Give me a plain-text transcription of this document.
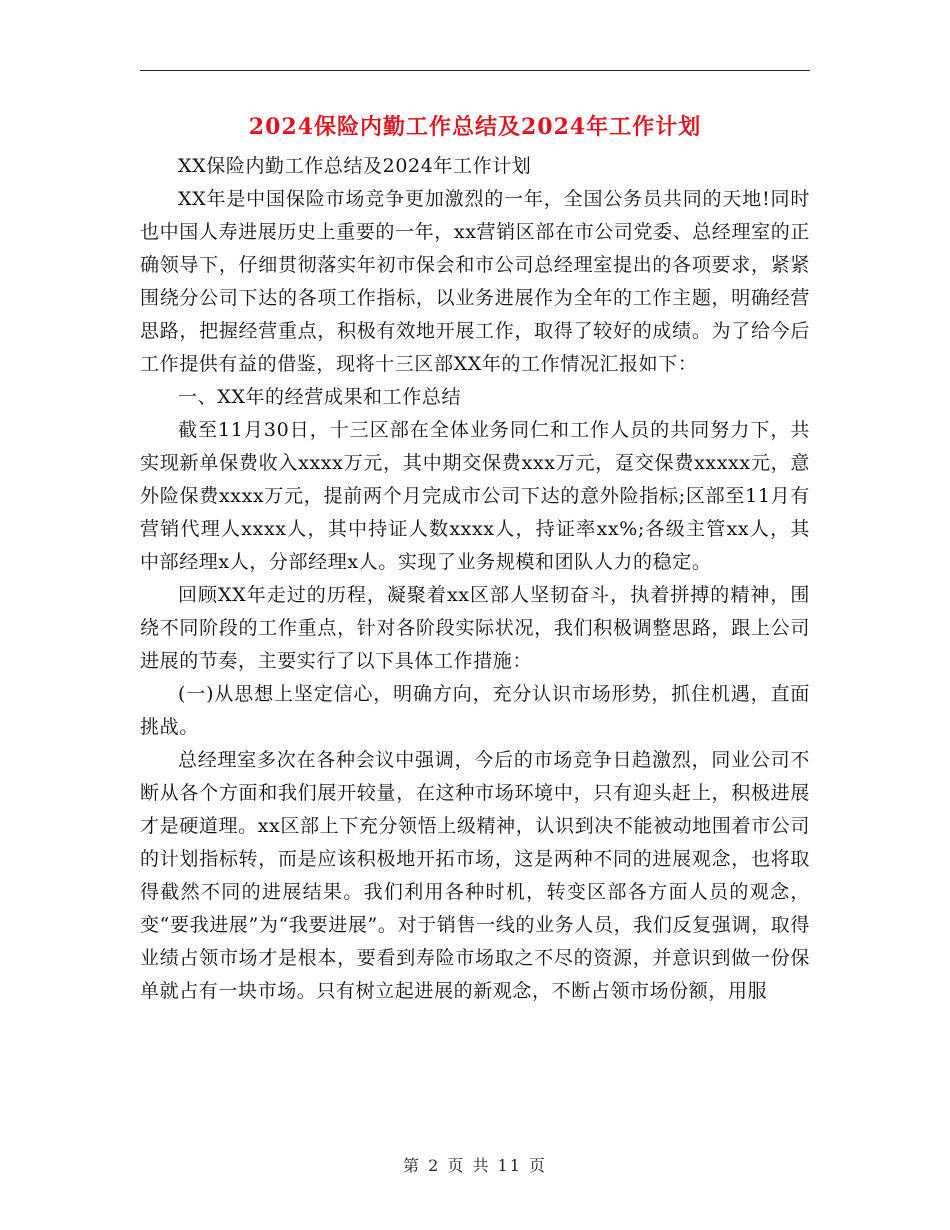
2024保险内勤工作总结及2024年工作计划

XX保险内勤工作总结及2024年工作计划

XX年是中国保险市场竞争更加激烈的一年，全国公务员共同的天地!同时也中国人寿进展历史上重要的一年，xx营销区部在市公司党委、总经理室的正确领导下，仔细贯彻落实年初市保会和市公司总经理室提出的各项要求，紧紧围绕分公司下达的各项工作指标，以业务进展作为全年的工作主题，明确经营思路，把握经营重点，积极有效地开展工作，取得了较好的成绩。为了给今后工作提供有益的借鉴，现将十三区部XX年的工作情况汇报如下：

一、XX年的经营成果和工作总结

截至11月30日，十三区部在全体业务同仁和工作人员的共同努力下，共实现新单保费收入xxxx万元，其中期交保费xxx万元，趸交保费xxxxx元，意外险保费xxxx万元，提前两个月完成市公司下达的意外险指标;区部至11月有营销代理人xxxx人，其中持证人数xxxx人，持证率xx%;各级主管xx人，其中部经理x人，分部经理x人。实现了业务规模和团队人力的稳定。

回顾XX年走过的历程，凝聚着xx区部人坚韧奋斗，执着拼搏的精神，围绕不同阶段的工作重点，针对各阶段实际状况，我们积极调整思路，跟上公司进展的节奏，主要实行了以下具体工作措施：

(一)从思想上坚定信心，明确方向，充分认识市场形势，抓住机遇，直面挑战。

总经理室多次在各种会议中强调，今后的市场竞争日趋激烈，同业公司不断从各个方面和我们展开较量，在这种市场环境中，只有迎头赶上，积极进展才是硬道理。xx区部上下充分领悟上级精神，认识到决不能被动地围着市公司的计划指标转，而是应该积极地开拓市场，这是两种不同的进展观念，也将取得截然不同的进展结果。我们利用各种时机，转变区部各方面人员的观念，变“要我进展”为“我要进展”。对于销售一线的业务人员，我们反复强调，取得业绩占领市场才是根本，要看到寿险市场取之不尽的资源，并意识到做一份保单就占有一块市场。只有树立起进展的新观念，不断占领市场份额，用服

第 2 页 共 11 页
